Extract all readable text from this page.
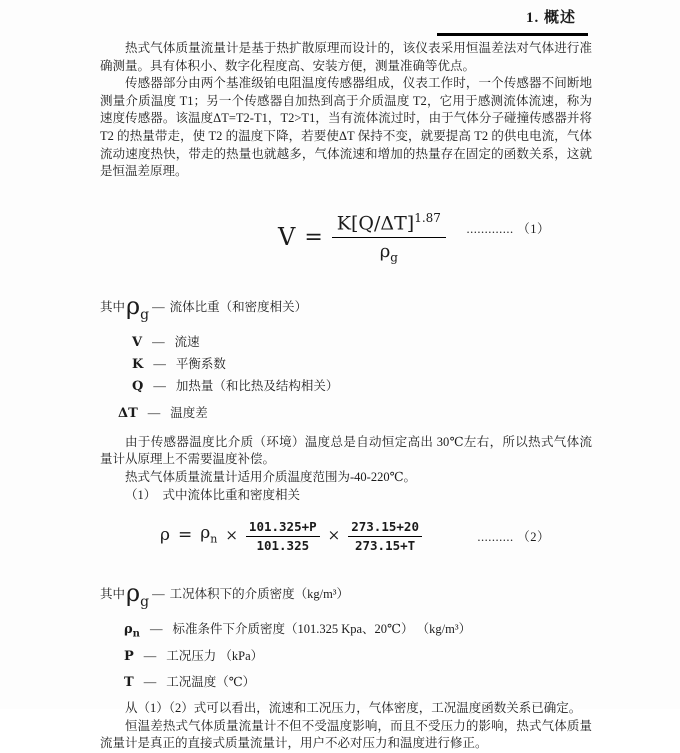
1. 概述

热式气体质量流量计是基于热扩散原理而设计的，该仪表采用恒温差法对气体进行准确测量。具有体积小、数字化程度高、安装方便，测量准确等优点。

传感器部分由两个基准级铂电阻温度传感器组成，仪表工作时，一个传感器不间断地测量介质温度 T1；另一个传感器自加热到高于介质温度 T2，它用于感测流体流速，称为速度传感器。该温度ΔT=T2-T1，T2>T1，当有流体流过时，由于气体分子碰撞传感器并将 T2 的热量带走，使 T2 的温度下降，若要使ΔT 保持不变，就要提高 T2 的供电电流，气体流动速度热快，带走的热量也就越多，气体流速和增加的热量存在固定的函数关系，这就是恒温差原理。

$V = \frac{K[Q/\Delta T]^{1.87}}{\rho_g}$ ............. （1）
其中 $\rho_g$ — 流体比重（和密度相关）
V — 流速
K — 平衡系数
Q — 加热量（和比热及结构相关）
ΔT — 温度差

由于传感器温度比介质（环境）温度总是自动恒定高出 30℃左右，所以热式气体流量计从原理上不需要温度补偿。

热式气体质量流量计适用介质温度范围为-40-220℃。

（1）　式中流体比重和密度相关

$\rho = \rho_n \times \frac{101.325+P}{101.325} \times \frac{273.15+20}{273.15+T}$	.......... （2）
其中 $\rho_g$ — 工况体积下的介质密度（kg/m³）
$\rho_n$ — 标准条件下介质密度（101.325 Kpa、20℃） （kg/m³）
P — 工况压力 （kPa）
T — 工况温度（℃）

从（1）（2）式可以看出，流速和工况压力，气体密度，工况温度函数关系已确定。

恒温差热式气体质量流量计不但不受温度影响，而且不受压力的影响，热式气体质量流量计是真正的直接式质量流量计，用户不必对压力和温度进行修正。
